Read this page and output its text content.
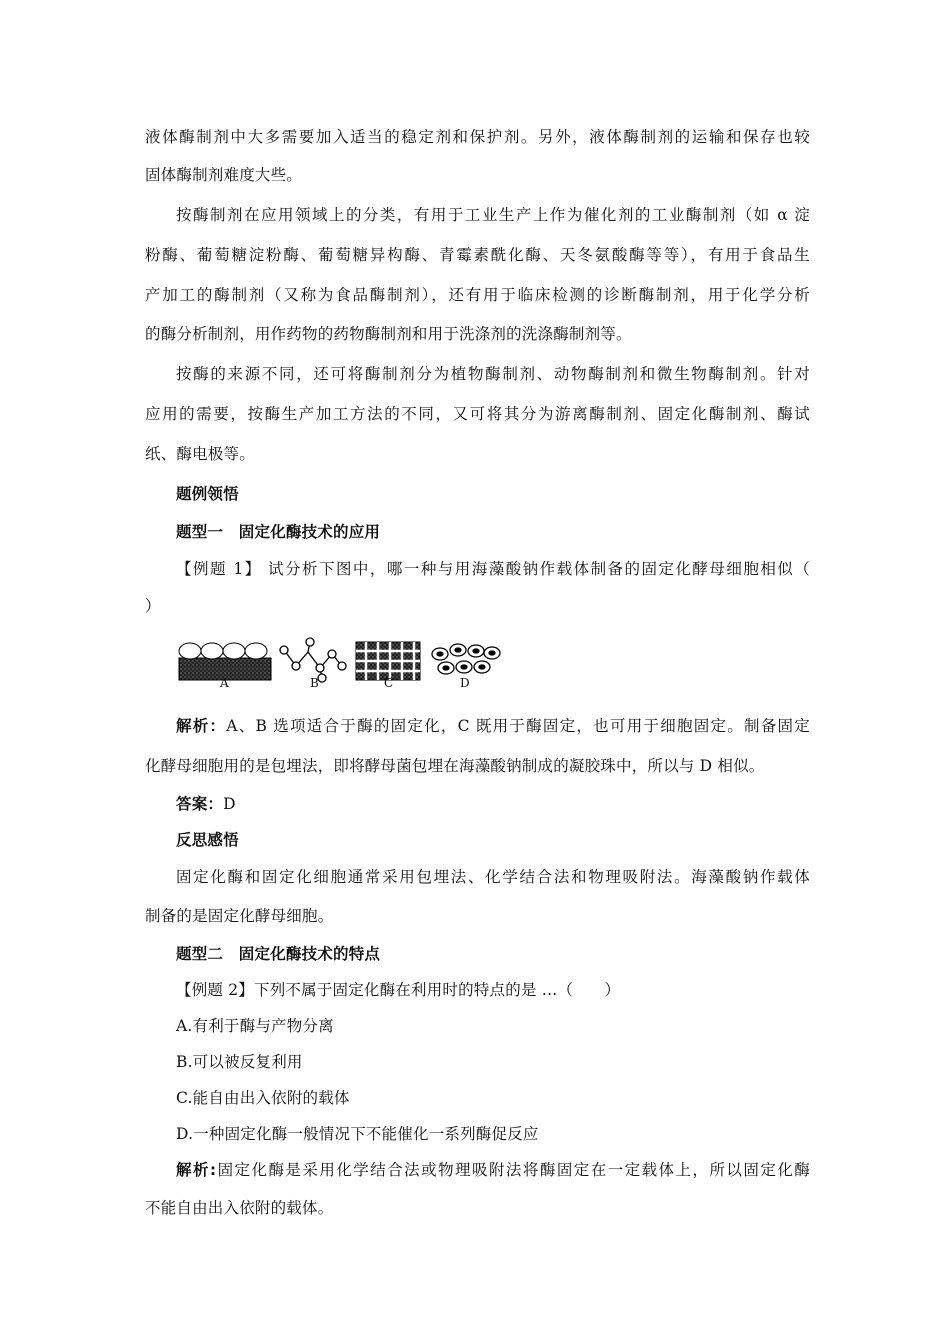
液体酶制剂中大多需要加入适当的稳定剂和保护剂。另外，液体酶制剂的运输和保存也较
固体酶制剂难度大些。
按酶制剂在应用领域上的分类，有用于工业生产上作为催化剂的工业酶制剂（如 α 淀
粉酶、葡萄糖淀粉酶、葡萄糖异构酶、青霉素酰化酶、天冬氨酸酶等等），有用于食品生
产加工的酶制剂（又称为食品酶制剂），还有用于临床检测的诊断酶制剂，用于化学分析
的酶分析制剂，用作药物的药物酶制剂和用于洗涤剂的洗涤酶制剂等。
按酶的来源不同，还可将酶制剂分为植物酶制剂、动物酶制剂和微生物酶制剂。针对
应用的需要，按酶生产加工方法的不同，又可将其分为游离酶制剂、固定化酶制剂、酶试
纸、酶电极等。
题例领悟
题型一　固定化酶技术的应用
【例题 1】 试分析下图中，哪一种与用海藻酸钠作载体制备的固定化酵母细胞相似（
）
A	B	C	D
解析：A、B 选项适合于酶的固定化，C 既用于酶固定，也可用于细胞固定。制备固定
化酵母细胞用的是包埋法，即将酵母菌包埋在海藻酸钠制成的凝胶珠中，所以与 D 相似。
答案：D
反思感悟
固定化酶和固定化细胞通常采用包埋法、化学结合法和物理吸附法。海藻酸钠作载体
制备的是固定化酵母细胞。
题型二　固定化酶技术的特点
【例题 2】下列不属于固定化酶在利用时的特点的是 …（　　）
A.有利于酶与产物分离
B.可以被反复利用
C.能自由出入依附的载体
D.一种固定化酶一般情况下不能催化一系列酶促反应
解析:固定化酶是采用化学结合法或物理吸附法将酶固定在一定载体上，所以固定化酶
不能自由出入依附的载体。
